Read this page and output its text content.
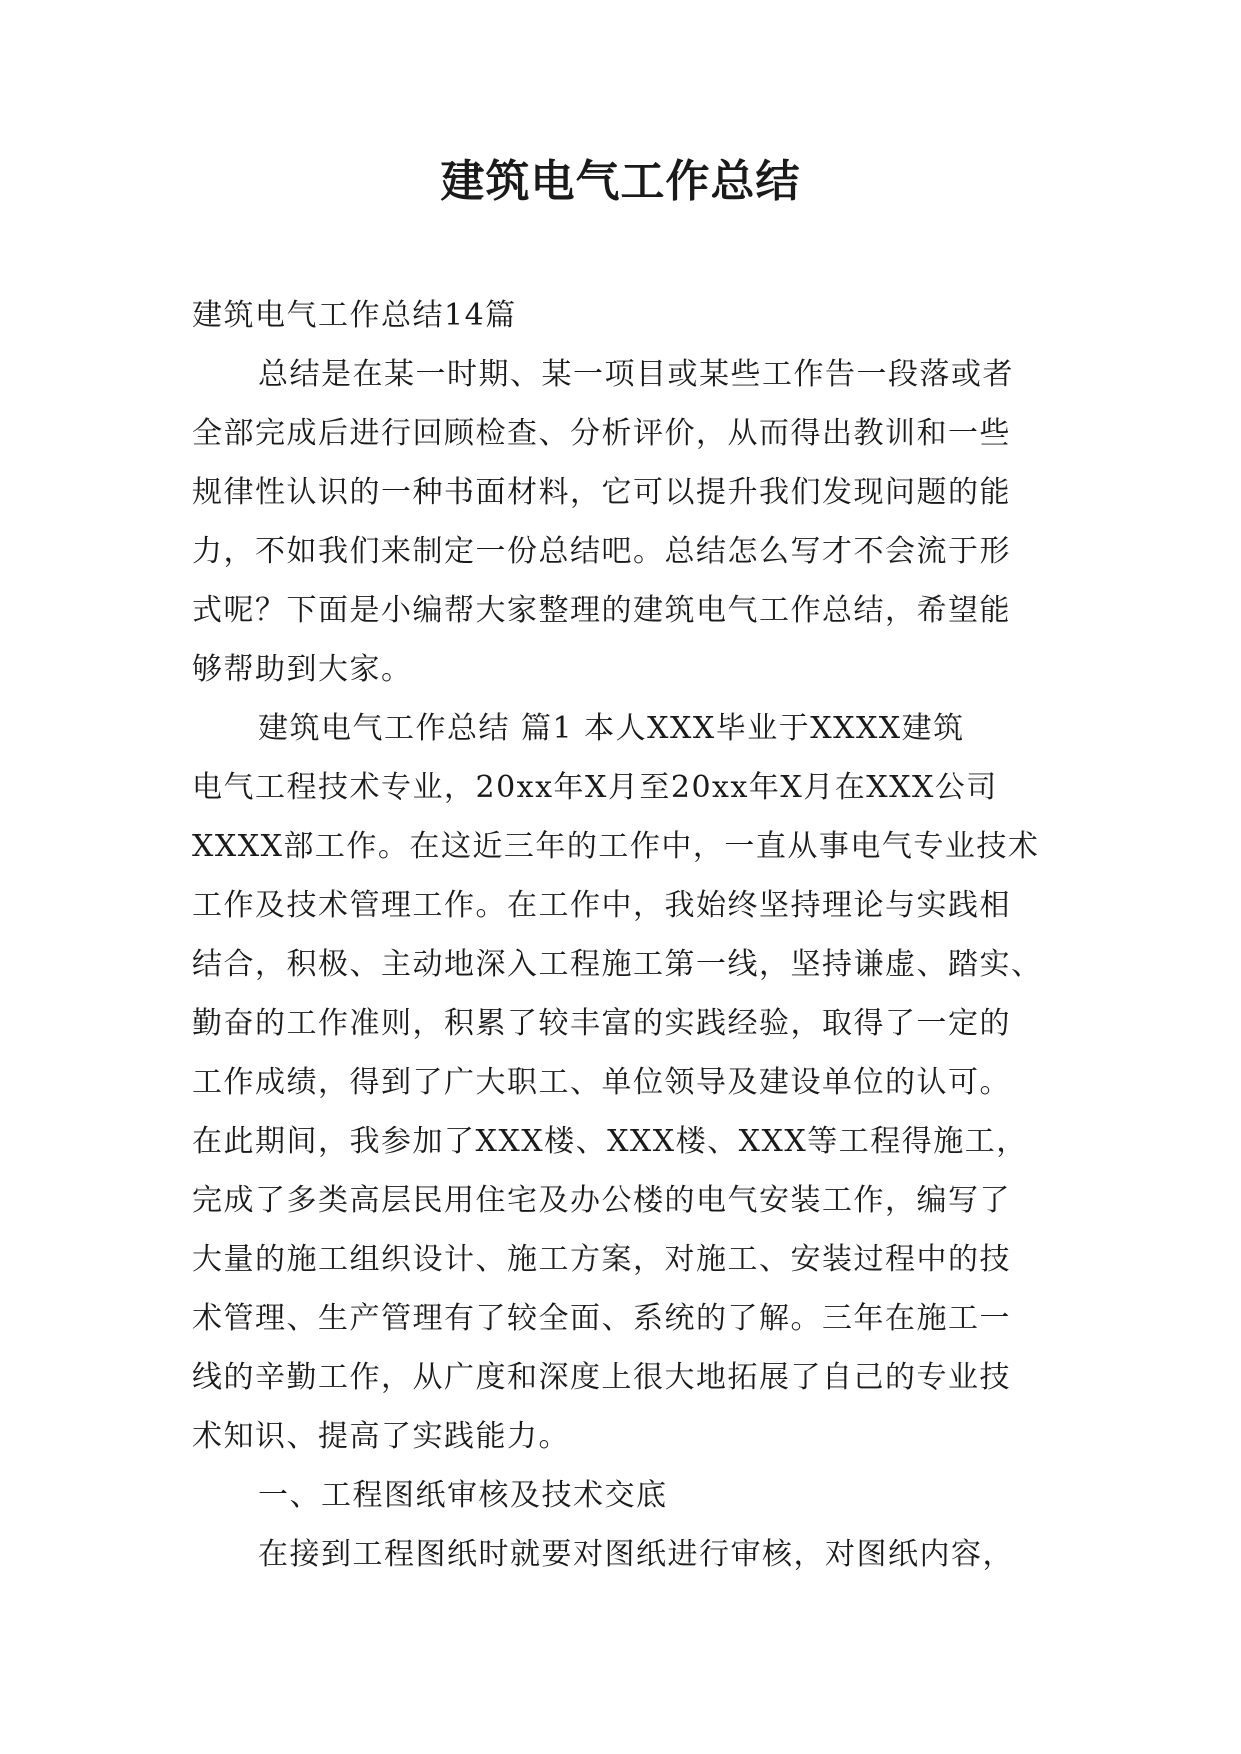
建筑电气工作总结
建筑电气工作总结14篇
总结是在某一时期、某一项目或某些工作告一段落或者
全部完成后进行回顾检查、分析评价，从而得出教训和一些
规律性认识的一种书面材料，它可以提升我们发现问题的能
力，不如我们来制定一份总结吧。总结怎么写才不会流于形
式呢？下面是小编帮大家整理的建筑电气工作总结，希望能
够帮助到大家。
建筑电气工作总结 篇1 本人XXX毕业于XXXX建筑
电气工程技术专业，20xx年X月至20xx年X月在XXX公司
XXXX部工作。在这近三年的工作中，一直从事电气专业技术
工作及技术管理工作。在工作中，我始终坚持理论与实践相
结合，积极、主动地深入工程施工第一线，坚持谦虚、踏实、
勤奋的工作准则，积累了较丰富的实践经验，取得了一定的
工作成绩，得到了广大职工、单位领导及建设单位的认可。
在此期间，我参加了XXX楼、XXX楼、XXX等工程得施工，
完成了多类高层民用住宅及办公楼的电气安装工作，编写了
大量的施工组织设计、施工方案，对施工、安装过程中的技
术管理、生产管理有了较全面、系统的了解。三年在施工一
线的辛勤工作，从广度和深度上很大地拓展了自己的专业技
术知识、提高了实践能力。
一、工程图纸审核及技术交底
在接到工程图纸时就要对图纸进行审核，对图纸内容，
